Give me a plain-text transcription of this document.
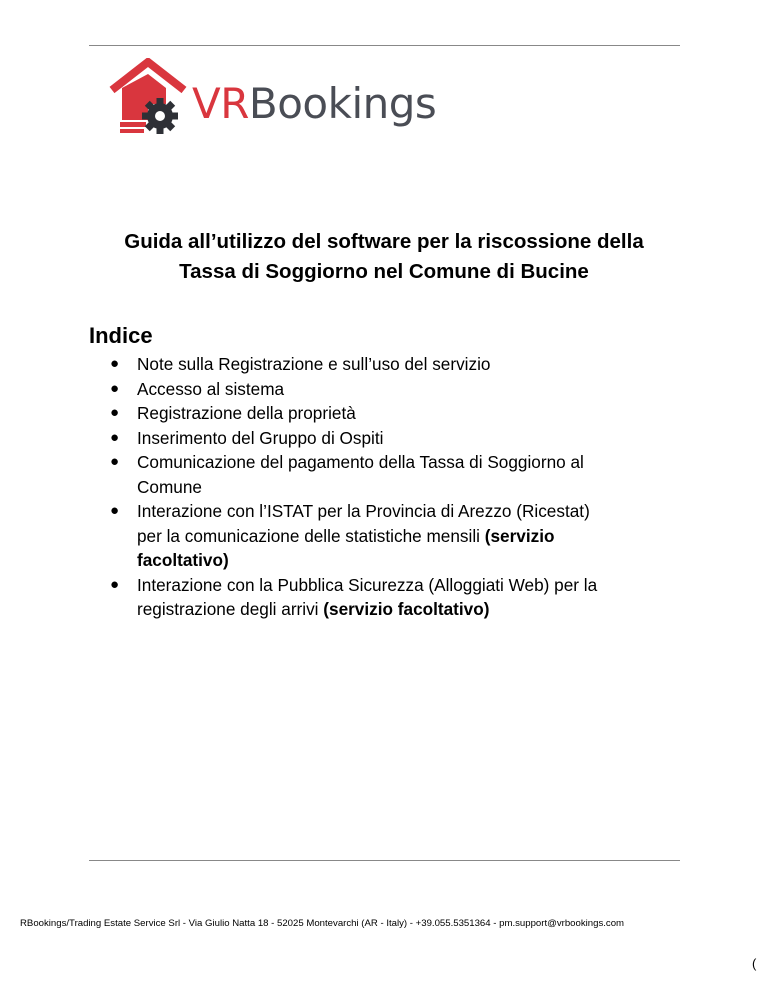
VRBookings
Guida all’utilizzo del software per la riscossione della
Tassa di Soggiorno nel Comune di Bucine
Indice
● Note sulla Registrazione e sull’uso del servizio
● Accesso al sistema
● Registrazione della proprietà
● Inserimento del Gruppo di Ospiti
● Comunicazione del pagamento della Tassa di Soggiorno al
Comune
● Interazione con l’ISTAT per la Provincia di Arezzo (Ricestat)
per la comunicazione delle statistiche mensili (servizio
facoltativo)
● Interazione con la Pubblica Sicurezza (Alloggiati Web) per la
registrazione degli arrivi (servizio facoltativo)
RBookings/Trading Estate Service Srl - Via Giulio Natta 18 - 52025 Montevarchi (AR - Italy) - +39.055.5351364 - pm.support@vrbookings.com
(
